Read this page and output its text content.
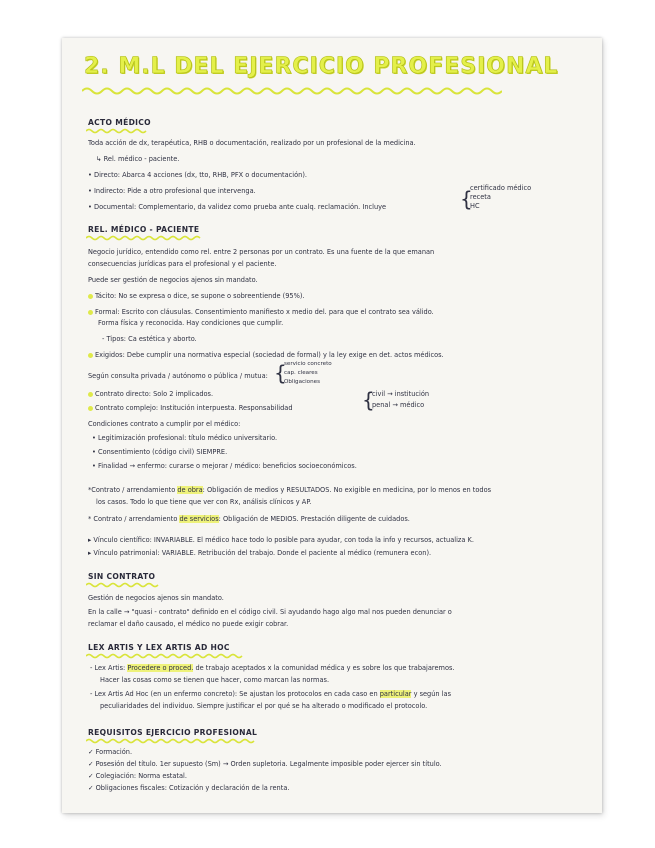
2. M.L DEL EJERCICIO PROFESIONAL
ACTO MÉDICO
Toda acción de dx, terapéutica, RHB o documentación, realizado por un profesional de la medicina.
↳ Rel. médico - paciente.
• Directo: Abarca 4 acciones (dx, tto, RHB, PFX o documentación).
• Indirecto: Pide a otro profesional que intervenga.
• Documental: Complementario, da validez como prueba ante cualq. reclamación. Incluye	{
certificado médico
receta
HC
REL. MÉDICO - PACIENTE
Negocio jurídico, entendido como rel. entre 2 personas por un contrato. Es una fuente de la que emanan
consecuencias jurídicas para el profesional y el paciente.
Puede ser gestión de negocios ajenos sin mandato.
Tácito: No se expresa o dice, se supone o sobreentiende (95%).
Formal: Escrito con cláusulas. Consentimiento manifiesto x medio del. para que el contrato sea válido.
Forma física y reconocida. Hay condiciones que cumplir.
- Tipos: Ca estética y aborto.
Exigidos: Debe cumplir una normativa especial (sociedad de formal) y la ley exige en det. actos médicos.
Según consulta privada / autónomo o pública / mutua: {
servicio concreto
cap. cleares
Obligaciones
Contrato directo: Solo 2 implicados.
Contrato complejo: Institución interpuesta. Responsabilidad	{
civil → institución
penal → médico
Condiciones contrato a cumplir por el médico:
• Legitimización profesional: título médico universitario.
• Consentimiento (código civil) SIEMPRE.
• Finalidad → enfermo: curarse o mejorar / médico: beneficios socioeconómicos.
*Contrato / arrendamiento de obra: Obligación de medios y RESULTADOS. No exigible en medicina, por lo menos en todos
los casos. Todo lo que tiene que ver con Rx, análisis clínicos y AP.
* Contrato / arrendamiento de servicios: Obligación de MEDIOS. Prestación diligente de cuidados.
▸ Vínculo científico: INVARIABLE. El médico hace todo lo posible para ayudar, con toda la info y recursos, actualiza K.
▸ Vínculo patrimonial: VARIABLE. Retribución del trabajo. Donde el paciente al médico (remunera econ).
SIN CONTRATO
Gestión de negocios ajenos sin mandato.
En la calle → "quasi - contrato" definido en el código civil. Si ayudando hago algo mal nos pueden denunciar o
reclamar el daño causado, el médico no puede exigir cobrar.
LEX ARTIS Y LEX ARTIS AD HOC
- Lex Artis: Procedere o proced. de trabajo aceptados x la comunidad médica y es sobre los que trabajaremos.
Hacer las cosas como se tienen que hacer, como marcan las normas.
- Lex Artis Ad Hoc (en un enfermo concreto): Se ajustan los protocolos en cada caso en particular y según las
peculiaridades del individuo. Siempre justificar el por qué se ha alterado o modificado el protocolo.
REQUISITOS EJERCICIO PROFESIONAL
✓ Formación.
✓ Posesión del título. 1er supuesto (Sm) → Orden supletoria. Legalmente imposible poder ejercer sin título.
✓ Colegiación: Norma estatal.
✓ Obligaciones fiscales: Cotización y declaración de la renta.
